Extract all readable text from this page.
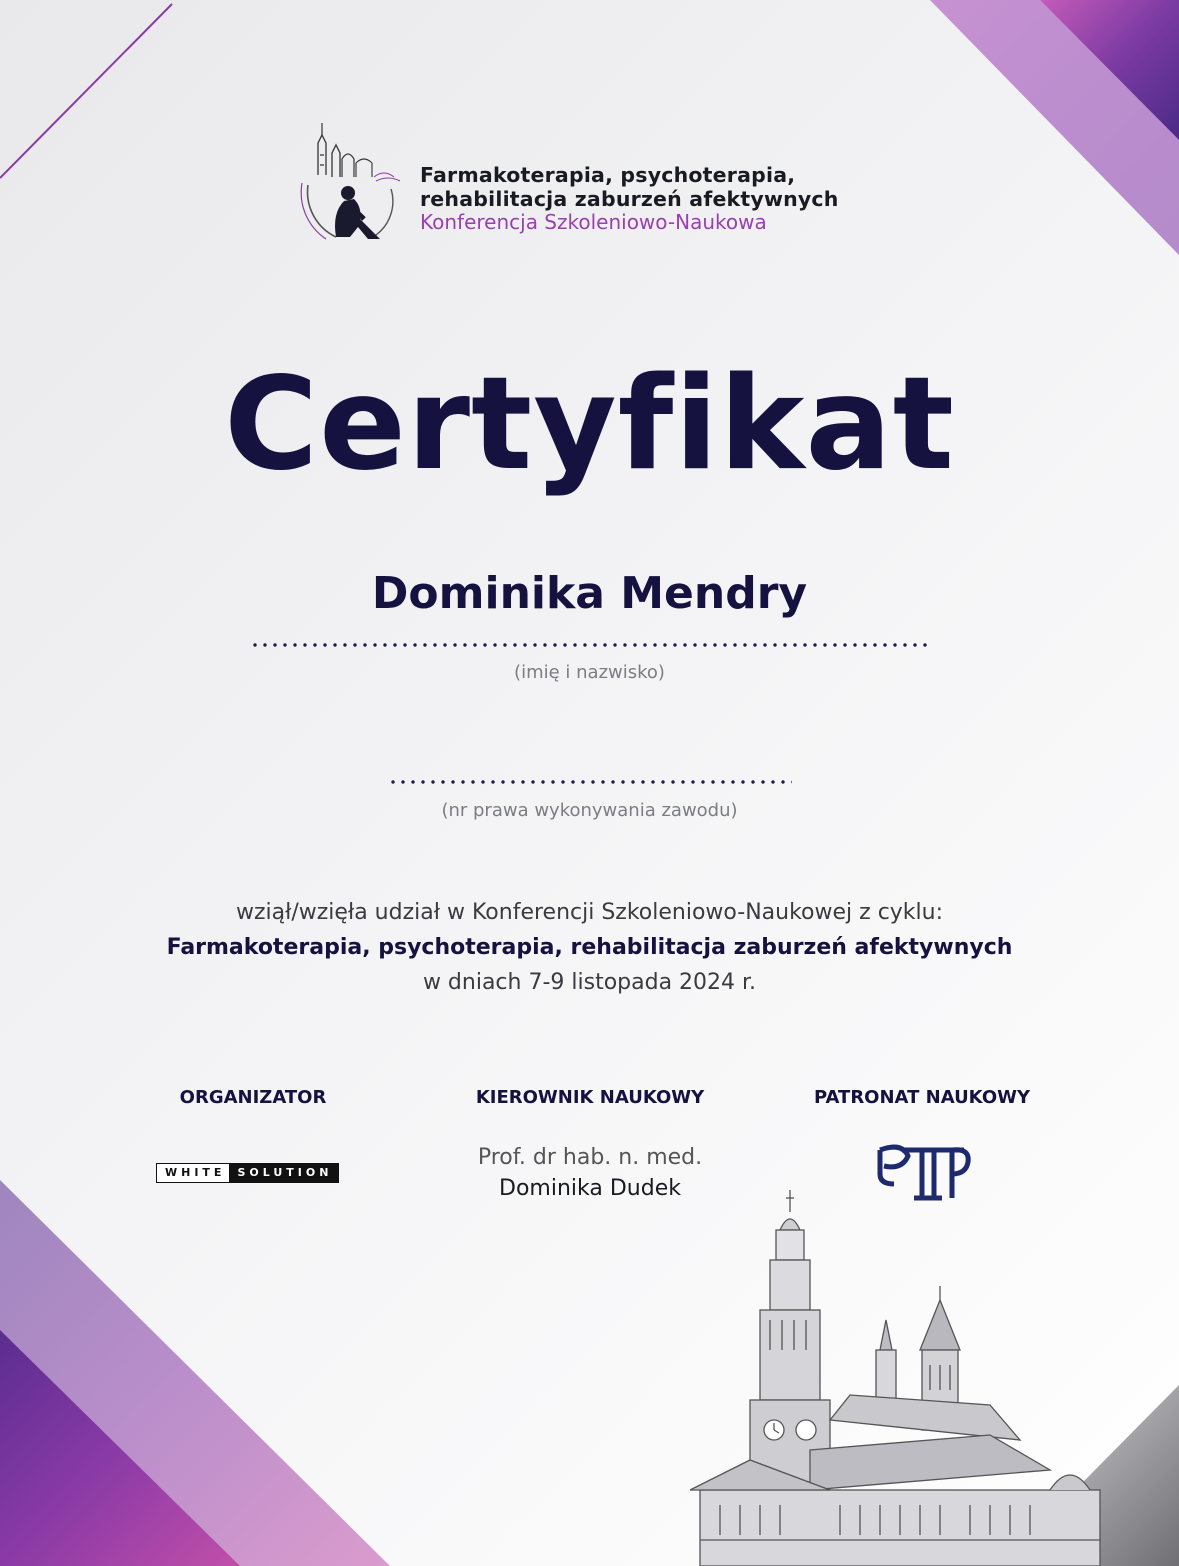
Farmakoterapia, psychoterapia,
rehabilitacja zaburzeń afektywnych
Konferencja Szkoleniowo-Naukowa
Certyfikat
Dominika Mendry
(imię i nazwisko)
(nr prawa wykonywania zawodu)
wziął/wzięła udział w Konferencji Szkoleniowo-Naukowej z cyklu:
Farmakoterapia, psychoterapia, rehabilitacja zaburzeń afektywnych
w dniach 7-9 listopada 2024 r.
ORGANIZATOR
WHITE	SOLUTION
KIEROWNIK NAUKOWY
Prof. dr hab. n. med.
Dominika Dudek
PATRONAT NAUKOWY
